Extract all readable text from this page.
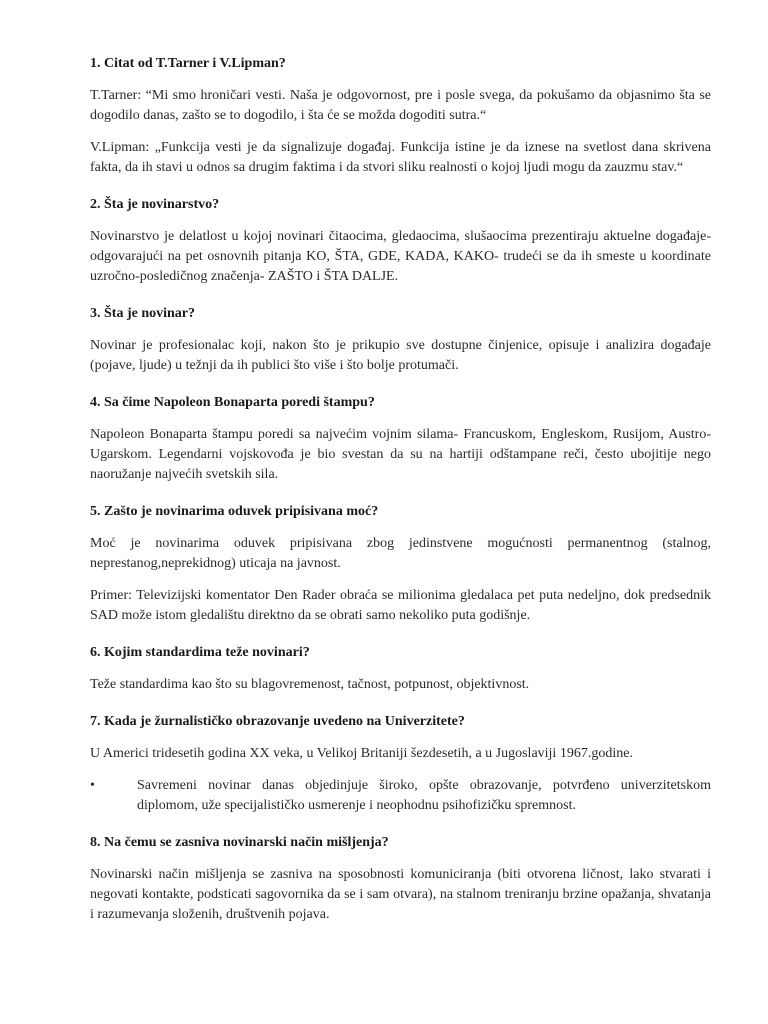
1. Citat od T.Tarner i V.Lipman?
T.Tarner: “Mi smo hroničari vesti. Naša je odgovornost, pre i posle svega, da pokušamo da objasnimo šta se dogodilo danas, zašto se to dogodilo, i šta će se možda dogoditi sutra.“
V.Lipman: „Funkcija vesti je da signalizuje događaj. Funkcija istine je da iznese na svetlost dana skrivena fakta, da ih stavi u odnos sa drugim faktima i da stvori sliku realnosti o kojoj ljudi mogu da zauzmu stav.“
2. Šta je novinarstvo?
Novinarstvo je delatlost u kojoj novinari čitaocima, gledaocima, slušaocima prezentiraju aktuelne događaje- odgovarajući na pet osnovnih pitanja KO, ŠTA, GDE, KADA, KAKO- trudeći se da ih smeste u koordinate uzročno-posledičnog značenja- ZAŠTO i ŠTA DALJE.
3. Šta je novinar?
Novinar je profesionalac koji, nakon što je prikupio sve dostupne činjenice, opisuje i analizira događaje (pojave, ljude) u težnji da ih publici što više i što bolje protumači.
4. Sa čime Napoleon Bonaparta poredi štampu?
Napoleon Bonaparta štampu poredi sa najvećim vojnim silama- Francuskom, Engleskom, Rusijom, Austro-Ugarskom. Legendarni vojskovođa je bio svestan da su na hartiji odštampane reči, često ubojitije nego naoružanje najvećih svetskih sila.
5. Zašto je novinarima oduvek pripisivana moć?
Moć je novinarima oduvek pripisivana zbog jedinstvene mogućnosti permanentnog (stalnog, neprestanog,neprekidnog) uticaja na javnost.
Primer: Televizijski komentator Den Rader obraća se milionima gledalaca pet puta nedeljno, dok predsednik SAD može istom gledalištu direktno da se obrati samo nekoliko puta godišnje.
6. Kojim standardima teže novinari?
Teže standardima kao što su blagovremenost, tačnost, potpunost, objektivnost.
7. Kada je žurnalističko obrazovanje uvedeno na Univerzitete?
U Americi tridesetih godina XX veka, u Velikoj Britaniji šezdesetih, a u Jugoslaviji 1967.godine.
•	Savremeni novinar danas objedinjuje široko, opšte obrazovanje, potvrđeno univerzitetskom diplomom, uže specijalističko usmerenje i neophodnu psihofizičku spremnost.
8. Na čemu se zasniva novinarski način mišljenja?
Novinarski način mišljenja se zasniva na sposobnosti komuniciranja (biti otvorena ličnost, lako stvarati i negovati kontakte, podsticati sagovornika da se i sam otvara), na stalnom treniranju brzine opažanja, shvatanja i razumevanja složenih, društvenih pojava.
